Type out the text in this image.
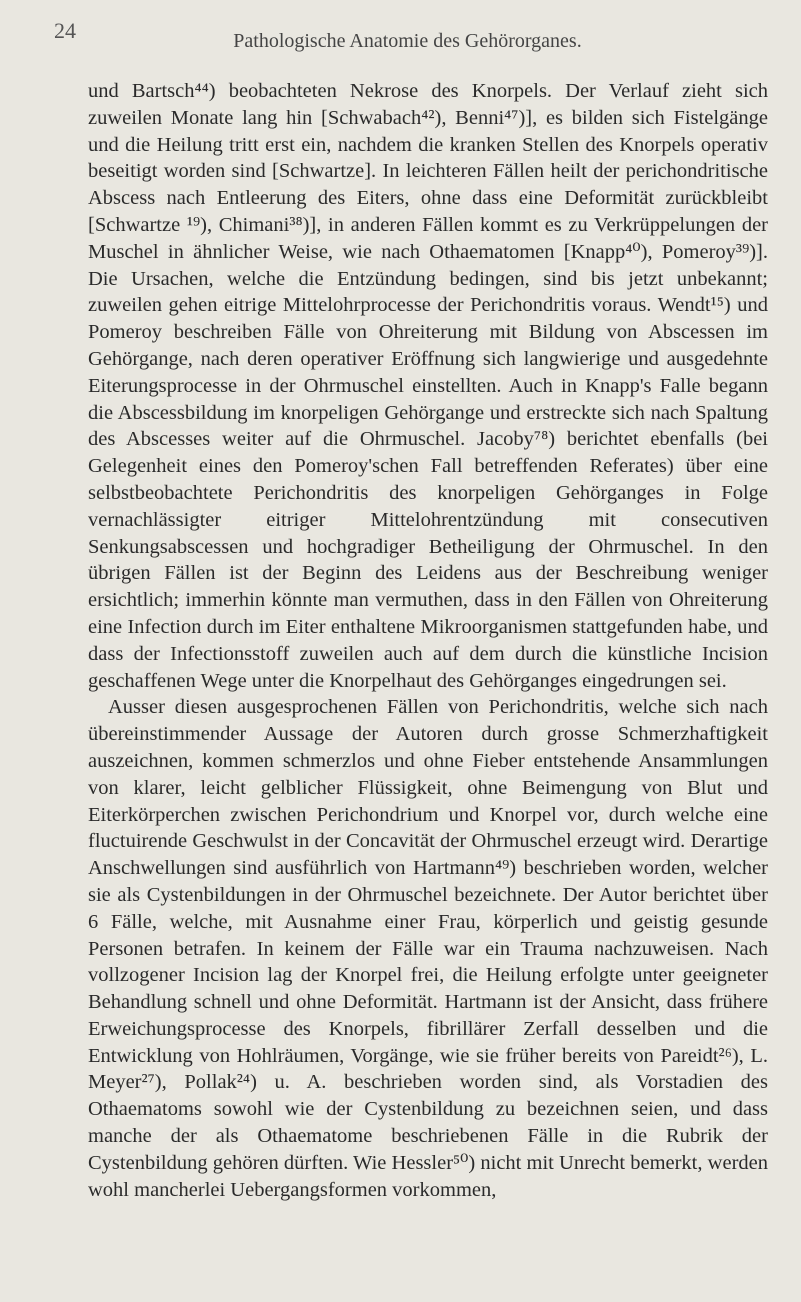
24	Pathologische Anatomie des Gehörorganes.

und Bartsch⁴⁴) beobachteten Nekrose des Knorpels. Der Verlauf zieht sich zuweilen Monate lang hin [Schwabach⁴²), Benni⁴⁷)], es bilden sich Fistelgänge und die Heilung tritt erst ein, nachdem die kranken Stellen des Knorpels operativ beseitigt worden sind [Schwartze]. In leichteren Fällen heilt der perichondritische Abscess nach Entleerung des Eiters, ohne dass eine Deformität zurückbleibt [Schwartze ¹⁹), Chimani³⁸)], in anderen Fällen kommt es zu Verkrüppelungen der Muschel in ähnlicher Weise, wie nach Othaematomen [Knapp⁴⁰), Pomeroy³⁹)]. Die Ursachen, welche die Entzündung bedingen, sind bis jetzt unbekannt; zuweilen gehen eitrige Mittelohrprocesse der Perichondritis voraus. Wendt¹⁵) und Pomeroy beschreiben Fälle von Ohreiterung mit Bildung von Abscessen im Gehörgange, nach deren operativer Eröffnung sich langwierige und ausgedehnte Eiterungsprocesse in der Ohrmuschel einstellten. Auch in Knapp's Falle begann die Abscessbildung im knorpeligen Gehörgange und erstreckte sich nach Spaltung des Abscesses weiter auf die Ohrmuschel. Jacoby⁷⁸) berichtet ebenfalls (bei Gelegenheit eines den Pomeroy'schen Fall betreffenden Referates) über eine selbstbeobachtete Perichondritis des knorpeligen Gehörganges in Folge vernachlässigter eitriger Mittelohrentzündung mit consecutiven Senkungsabscessen und hochgradiger Betheiligung der Ohrmuschel. In den übrigen Fällen ist der Beginn des Leidens aus der Beschreibung weniger ersichtlich; immerhin könnte man vermuthen, dass in den Fällen von Ohreiterung eine Infection durch im Eiter enthaltene Mikroorganismen stattgefunden habe, und dass der Infectionsstoff zuweilen auch auf dem durch die künstliche Incision geschaffenen Wege unter die Knorpelhaut des Gehörganges eingedrungen sei.

Ausser diesen ausgesprochenen Fällen von Perichondritis, welche sich nach übereinstimmender Aussage der Autoren durch grosse Schmerzhaftigkeit auszeichnen, kommen schmerzlos und ohne Fieber entstehende Ansammlungen von klarer, leicht gelblicher Flüssigkeit, ohne Beimengung von Blut und Eiterkörperchen zwischen Perichondrium und Knorpel vor, durch welche eine fluctuirende Geschwulst in der Concavität der Ohrmuschel erzeugt wird. Derartige Anschwellungen sind ausführlich von Hartmann⁴⁹) beschrieben worden, welcher sie als Cystenbildungen in der Ohrmuschel bezeichnete. Der Autor berichtet über 6 Fälle, welche, mit Ausnahme einer Frau, körperlich und geistig gesunde Personen betrafen. In keinem der Fälle war ein Trauma nachzuweisen. Nach vollzogener Incision lag der Knorpel frei, die Heilung erfolgte unter geeigneter Behandlung schnell und ohne Deformität. Hartmann ist der Ansicht, dass frühere Erweichungsprocesse des Knorpels, fibrillärer Zerfall desselben und die Entwicklung von Hohlräumen, Vorgänge, wie sie früher bereits von Pareidt²⁶), L. Meyer²⁷), Pollak²⁴) u. A. beschrieben worden sind, als Vorstadien des Othaematoms sowohl wie der Cystenbildung zu bezeichnen seien, und dass manche der als Othaematome beschriebenen Fälle in die Rubrik der Cystenbildung gehören dürften. Wie Hessler⁵⁰) nicht mit Unrecht bemerkt, werden wohl mancherlei Uebergangsformen vorkommen,
